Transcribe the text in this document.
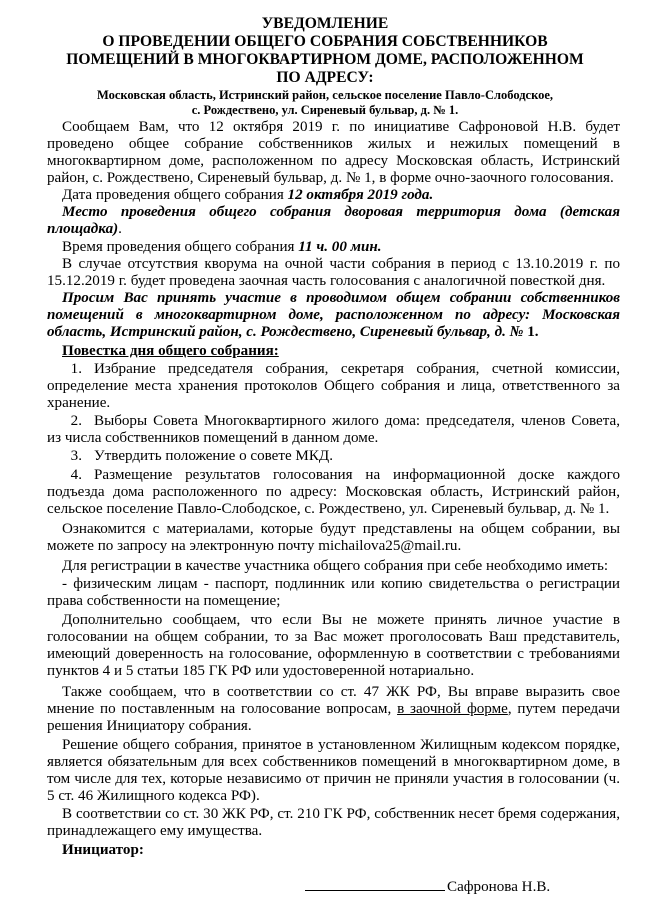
УВЕДОМЛЕНИЕ
О ПРОВЕДЕНИИ ОБЩЕГО СОБРАНИЯ СОБСТВЕННИКОВ
ПОМЕЩЕНИЙ В МНОГОКВАРТИРНОМ ДОМЕ, РАСПОЛОЖЕННОМ
ПО АДРЕСУ:
Московская область, Истринский район, сельское поселение Павло-Слободское,
с. Рождествено, ул. Сиреневый бульвар, д. № 1.
Сообщаем Вам, что 12 октября 2019 г. по инициативе Сафроновой Н.В. будет проведено общее собрание собственников жилых и нежилых помещений в многоквартирном доме, расположенном по адресу Московская область, Истринский район, с. Рождествено, Сиреневый бульвар, д. № 1, в форме очно-заочного голосования.
Дата проведения общего собрания 12 октября 2019 года.
Место проведения общего собрания дворовая территория дома (детская площадка).
Время проведения общего собрания 11 ч. 00 мин.
В случае отсутствия кворума на очной части собрания в период с 13.10.2019 г. по 15.12.2019 г. будет проведена заочная часть голосования с аналогичной повесткой дня.
Просим Вас принять участие в проводимом общем собрании собственников помещений в многоквартирном доме, расположенном по адресу: Московская область, Истринский район, с. Рождествено, Сиреневый бульвар, д. № 1.
Повестка дня общего собрания:
1. Избрание председателя собрания, секретаря собрания, счетной комиссии, определение места хранения протоколов Общего собрания и лица, ответственного за хранение.
2. Выборы Совета Многоквартирного жилого дома: председателя, членов Совета, из числа собственников помещений в данном доме.
3. Утвердить положение о совете МКД.
4. Размещение результатов голосования на информационной доске каждого подъезда дома расположенного по адресу: Московская область, Истринский район, сельское поселение Павло-Слободское, с. Рождествено, ул. Сиреневый бульвар, д. № 1.
Ознакомится с материалами, которые будут представлены на общем собрании, вы можете по запросу на электронную почту michailova25@mail.ru.
Для регистрации в качестве участника общего собрания при себе необходимо иметь:
- физическим лицам - паспорт, подлинник или копию свидетельства о регистрации права собственности на помещение;
Дополнительно сообщаем, что если Вы не можете принять личное участие в голосовании на общем собрании, то за Вас может проголосовать Ваш представитель, имеющий доверенность на голосование, оформленную в соответствии с требованиями пунктов 4 и 5 статьи 185 ГК РФ или удостоверенной нотариально.
Также сообщаем, что в соответствии со ст. 47 ЖК РФ, Вы вправе выразить свое мнение по поставленным на голосование вопросам, в заочной форме, путем передачи решения Инициатору собрания.
Решение общего собрания, принятое в установленном Жилищным кодексом порядке, является обязательным для всех собственников помещений в многоквартирном доме, в том числе для тех, которые независимо от причин не приняли участия в голосовании (ч. 5 ст. 46 Жилищного кодекса РФ).
В соответствии со ст. 30 ЖК РФ, ст. 210 ГК РФ, собственник несет бремя содержания, принадлежащего ему имущества.
Инициатор:
Сафронова Н.В.
